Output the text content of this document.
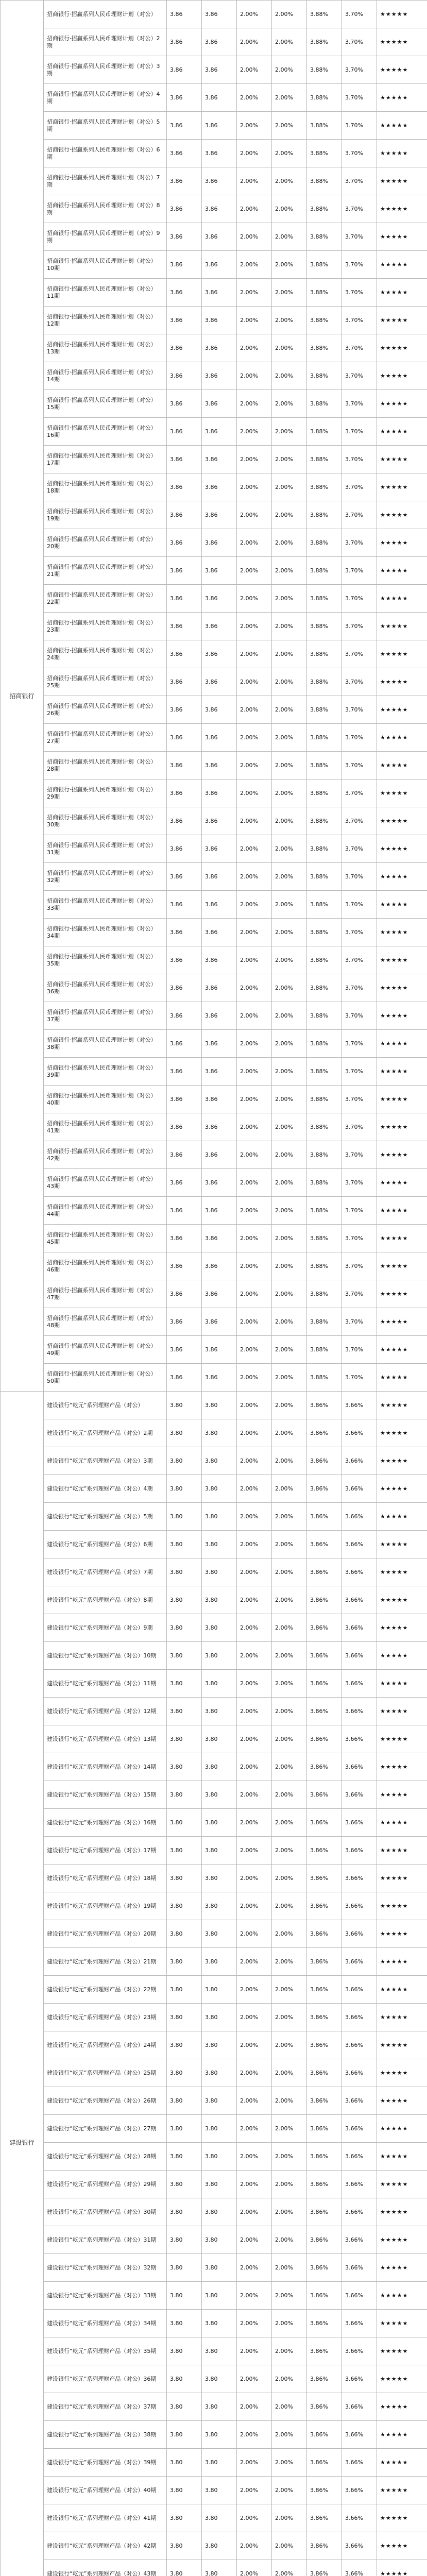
招商银行	招商银行·招赢系列人民币理财计划（对公）	3.86	3.86	2.00%	2.00%	3.88%	3.70%	★★★★★
	招商银行·招赢系列人民币理财计划（对公）2期	3.86	3.86	2.00%	2.00%	3.88%	3.70%	★★★★★
	招商银行·招赢系列人民币理财计划（对公）3期	3.86	3.86	2.00%	2.00%	3.88%	3.70%	★★★★★
	招商银行·招赢系列人民币理财计划（对公）4期	3.86	3.86	2.00%	2.00%	3.88%	3.70%	★★★★★
	招商银行·招赢系列人民币理财计划（对公）5期	3.86	3.86	2.00%	2.00%	3.88%	3.70%	★★★★★
	招商银行·招赢系列人民币理财计划（对公）6期	3.86	3.86	2.00%	2.00%	3.88%	3.70%	★★★★★
	招商银行·招赢系列人民币理财计划（对公）7期	3.86	3.86	2.00%	2.00%	3.88%	3.70%	★★★★★
	招商银行·招赢系列人民币理财计划（对公）8期	3.86	3.86	2.00%	2.00%	3.88%	3.70%	★★★★★
	招商银行·招赢系列人民币理财计划（对公）9期	3.86	3.86	2.00%	2.00%	3.88%	3.70%	★★★★★
	招商银行·招赢系列人民币理财计划（对公）10期	3.86	3.86	2.00%	2.00%	3.88%	3.70%	★★★★★
	招商银行·招赢系列人民币理财计划（对公）11期	3.86	3.86	2.00%	2.00%	3.88%	3.70%	★★★★★
	招商银行·招赢系列人民币理财计划（对公）12期	3.86	3.86	2.00%	2.00%	3.88%	3.70%	★★★★★
	招商银行·招赢系列人民币理财计划（对公）13期	3.86	3.86	2.00%	2.00%	3.88%	3.70%	★★★★★
	招商银行·招赢系列人民币理财计划（对公）14期	3.86	3.86	2.00%	2.00%	3.88%	3.70%	★★★★★
	招商银行·招赢系列人民币理财计划（对公）15期	3.86	3.86	2.00%	2.00%	3.88%	3.70%	★★★★★
	招商银行·招赢系列人民币理财计划（对公）16期	3.86	3.86	2.00%	2.00%	3.88%	3.70%	★★★★★
	招商银行·招赢系列人民币理财计划（对公）17期	3.86	3.86	2.00%	2.00%	3.88%	3.70%	★★★★★
	招商银行·招赢系列人民币理财计划（对公）18期	3.86	3.86	2.00%	2.00%	3.88%	3.70%	★★★★★
	招商银行·招赢系列人民币理财计划（对公）19期	3.86	3.86	2.00%	2.00%	3.88%	3.70%	★★★★★
	招商银行·招赢系列人民币理财计划（对公）20期	3.86	3.86	2.00%	2.00%	3.88%	3.70%	★★★★★
	招商银行·招赢系列人民币理财计划（对公）21期	3.86	3.86	2.00%	2.00%	3.88%	3.70%	★★★★★
	招商银行·招赢系列人民币理财计划（对公）22期	3.86	3.86	2.00%	2.00%	3.88%	3.70%	★★★★★
	招商银行·招赢系列人民币理财计划（对公）23期	3.86	3.86	2.00%	2.00%	3.88%	3.70%	★★★★★
	招商银行·招赢系列人民币理财计划（对公）24期	3.86	3.86	2.00%	2.00%	3.88%	3.70%	★★★★★
	招商银行·招赢系列人民币理财计划（对公）25期	3.86	3.86	2.00%	2.00%	3.88%	3.70%	★★★★★
	招商银行·招赢系列人民币理财计划（对公）26期	3.86	3.86	2.00%	2.00%	3.88%	3.70%	★★★★★
	招商银行·招赢系列人民币理财计划（对公）27期	3.86	3.86	2.00%	2.00%	3.88%	3.70%	★★★★★
	招商银行·招赢系列人民币理财计划（对公）28期	3.86	3.86	2.00%	2.00%	3.88%	3.70%	★★★★★
	招商银行·招赢系列人民币理财计划（对公）29期	3.86	3.86	2.00%	2.00%	3.88%	3.70%	★★★★★
	招商银行·招赢系列人民币理财计划（对公）30期	3.86	3.86	2.00%	2.00%	3.88%	3.70%	★★★★★
	招商银行·招赢系列人民币理财计划（对公）31期	3.86	3.86	2.00%	2.00%	3.88%	3.70%	★★★★★
	招商银行·招赢系列人民币理财计划（对公）32期	3.86	3.86	2.00%	2.00%	3.88%	3.70%	★★★★★
	招商银行·招赢系列人民币理财计划（对公）33期	3.86	3.86	2.00%	2.00%	3.88%	3.70%	★★★★★
	招商银行·招赢系列人民币理财计划（对公）34期	3.86	3.86	2.00%	2.00%	3.88%	3.70%	★★★★★
	招商银行·招赢系列人民币理财计划（对公）35期	3.86	3.86	2.00%	2.00%	3.88%	3.70%	★★★★★
	招商银行·招赢系列人民币理财计划（对公）36期	3.86	3.86	2.00%	2.00%	3.88%	3.70%	★★★★★
	招商银行·招赢系列人民币理财计划（对公）37期	3.86	3.86	2.00%	2.00%	3.88%	3.70%	★★★★★
	招商银行·招赢系列人民币理财计划（对公）38期	3.86	3.86	2.00%	2.00%	3.88%	3.70%	★★★★★
	招商银行·招赢系列人民币理财计划（对公）39期	3.86	3.86	2.00%	2.00%	3.88%	3.70%	★★★★★
	招商银行·招赢系列人民币理财计划（对公）40期	3.86	3.86	2.00%	2.00%	3.88%	3.70%	★★★★★
	招商银行·招赢系列人民币理财计划（对公）41期	3.86	3.86	2.00%	2.00%	3.88%	3.70%	★★★★★
	招商银行·招赢系列人民币理财计划（对公）42期	3.86	3.86	2.00%	2.00%	3.88%	3.70%	★★★★★
	招商银行·招赢系列人民币理财计划（对公）43期	3.86	3.86	2.00%	2.00%	3.88%	3.70%	★★★★★
	招商银行·招赢系列人民币理财计划（对公）44期	3.86	3.86	2.00%	2.00%	3.88%	3.70%	★★★★★
	招商银行·招赢系列人民币理财计划（对公）45期	3.86	3.86	2.00%	2.00%	3.88%	3.70%	★★★★★
	招商银行·招赢系列人民币理财计划（对公）46期	3.86	3.86	2.00%	2.00%	3.88%	3.70%	★★★★★
	招商银行·招赢系列人民币理财计划（对公）47期	3.86	3.86	2.00%	2.00%	3.88%	3.70%	★★★★★
	招商银行·招赢系列人民币理财计划（对公）48期	3.86	3.86	2.00%	2.00%	3.88%	3.70%	★★★★★
	招商银行·招赢系列人民币理财计划（对公）49期	3.86	3.86	2.00%	2.00%	3.88%	3.70%	★★★★★
	招商银行·招赢系列人民币理财计划（对公）50期	3.86	3.86	2.00%	2.00%	3.88%	3.70%	★★★★★
建设银行	建设银行“乾元”系列理财产品（对公）	3.80	3.80	2.00%	2.00%	3.86%	3.66%	★★★★★
	建设银行“乾元”系列理财产品（对公）2期	3.80	3.80	2.00%	2.00%	3.86%	3.66%	★★★★★
	建设银行“乾元”系列理财产品（对公）3期	3.80	3.80	2.00%	2.00%	3.86%	3.66%	★★★★★
	建设银行“乾元”系列理财产品（对公）4期	3.80	3.80	2.00%	2.00%	3.86%	3.66%	★★★★★
	建设银行“乾元”系列理财产品（对公）5期	3.80	3.80	2.00%	2.00%	3.86%	3.66%	★★★★★
	建设银行“乾元”系列理财产品（对公）6期	3.80	3.80	2.00%	2.00%	3.86%	3.66%	★★★★★
	建设银行“乾元”系列理财产品（对公）7期	3.80	3.80	2.00%	2.00%	3.86%	3.66%	★★★★★
	建设银行“乾元”系列理财产品（对公）8期	3.80	3.80	2.00%	2.00%	3.86%	3.66%	★★★★★
	建设银行“乾元”系列理财产品（对公）9期	3.80	3.80	2.00%	2.00%	3.86%	3.66%	★★★★★
	建设银行“乾元”系列理财产品（对公）10期	3.80	3.80	2.00%	2.00%	3.86%	3.66%	★★★★★
	建设银行“乾元”系列理财产品（对公）11期	3.80	3.80	2.00%	2.00%	3.86%	3.66%	★★★★★
	建设银行“乾元”系列理财产品（对公）12期	3.80	3.80	2.00%	2.00%	3.86%	3.66%	★★★★★
	建设银行“乾元”系列理财产品（对公）13期	3.80	3.80	2.00%	2.00%	3.86%	3.66%	★★★★★
	建设银行“乾元”系列理财产品（对公）14期	3.80	3.80	2.00%	2.00%	3.86%	3.66%	★★★★★
	建设银行“乾元”系列理财产品（对公）15期	3.80	3.80	2.00%	2.00%	3.86%	3.66%	★★★★★
	建设银行“乾元”系列理财产品（对公）16期	3.80	3.80	2.00%	2.00%	3.86%	3.66%	★★★★★
	建设银行“乾元”系列理财产品（对公）17期	3.80	3.80	2.00%	2.00%	3.86%	3.66%	★★★★★
	建设银行“乾元”系列理财产品（对公）18期	3.80	3.80	2.00%	2.00%	3.86%	3.66%	★★★★★
	建设银行“乾元”系列理财产品（对公）19期	3.80	3.80	2.00%	2.00%	3.86%	3.66%	★★★★★
	建设银行“乾元”系列理财产品（对公）20期	3.80	3.80	2.00%	2.00%	3.86%	3.66%	★★★★★
	建设银行“乾元”系列理财产品（对公）21期	3.80	3.80	2.00%	2.00%	3.86%	3.66%	★★★★★
	建设银行“乾元”系列理财产品（对公）22期	3.80	3.80	2.00%	2.00%	3.86%	3.66%	★★★★★
	建设银行“乾元”系列理财产品（对公）23期	3.80	3.80	2.00%	2.00%	3.86%	3.66%	★★★★★
	建设银行“乾元”系列理财产品（对公）24期	3.80	3.80	2.00%	2.00%	3.86%	3.66%	★★★★★
	建设银行“乾元”系列理财产品（对公）25期	3.80	3.80	2.00%	2.00%	3.86%	3.66%	★★★★★
	建设银行“乾元”系列理财产品（对公）26期	3.80	3.80	2.00%	2.00%	3.86%	3.66%	★★★★★
	建设银行“乾元”系列理财产品（对公）27期	3.80	3.80	2.00%	2.00%	3.86%	3.66%	★★★★★
	建设银行“乾元”系列理财产品（对公）28期	3.80	3.80	2.00%	2.00%	3.86%	3.66%	★★★★★
	建设银行“乾元”系列理财产品（对公）29期	3.80	3.80	2.00%	2.00%	3.86%	3.66%	★★★★★
	建设银行“乾元”系列理财产品（对公）30期	3.80	3.80	2.00%	2.00%	3.86%	3.66%	★★★★★
	建设银行“乾元”系列理财产品（对公）31期	3.80	3.80	2.00%	2.00%	3.86%	3.66%	★★★★★
	建设银行“乾元”系列理财产品（对公）32期	3.80	3.80	2.00%	2.00%	3.86%	3.66%	★★★★★
	建设银行“乾元”系列理财产品（对公）33期	3.80	3.80	2.00%	2.00%	3.86%	3.66%	★★★★★
	建设银行“乾元”系列理财产品（对公）34期	3.80	3.80	2.00%	2.00%	3.86%	3.66%	★★★★★
	建设银行“乾元”系列理财产品（对公）35期	3.80	3.80	2.00%	2.00%	3.86%	3.66%	★★★★★
	建设银行“乾元”系列理财产品（对公）36期	3.80	3.80	2.00%	2.00%	3.86%	3.66%	★★★★★
	建设银行“乾元”系列理财产品（对公）37期	3.80	3.80	2.00%	2.00%	3.86%	3.66%	★★★★★
	建设银行“乾元”系列理财产品（对公）38期	3.80	3.80	2.00%	2.00%	3.86%	3.66%	★★★★★
	建设银行“乾元”系列理财产品（对公）39期	3.80	3.80	2.00%	2.00%	3.86%	3.66%	★★★★★
	建设银行“乾元”系列理财产品（对公）40期	3.80	3.80	2.00%	2.00%	3.86%	3.66%	★★★★★
	建设银行“乾元”系列理财产品（对公）41期	3.80	3.80	2.00%	2.00%	3.86%	3.66%	★★★★★
	建设银行“乾元”系列理财产品（对公）42期	3.80	3.80	2.00%	2.00%	3.86%	3.66%	★★★★★
	建设银行“乾元”系列理财产品（对公）43期	3.80	3.80	2.00%	2.00%	3.86%	3.66%	★★★★★
